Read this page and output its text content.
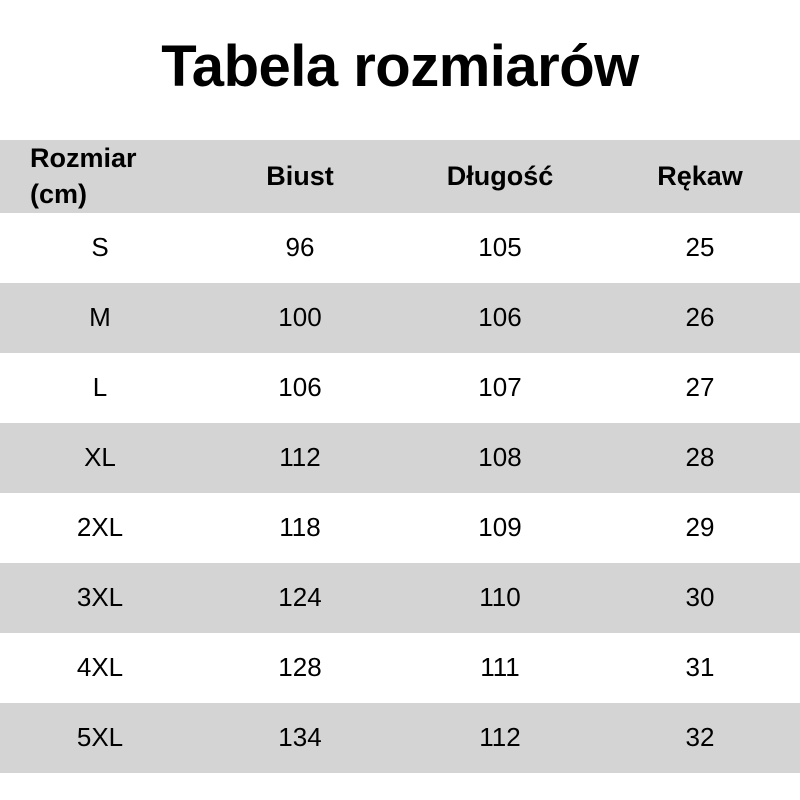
Tabela rozmiarów
Rozmiar
(cm)	Biust	Długość	Rękaw
S	96	105	25
M	100	106	26
L	106	107	27
XL	112	108	28
2XL	118	109	29
3XL	124	110	30
4XL	128	111	31
5XL	134	112	32
